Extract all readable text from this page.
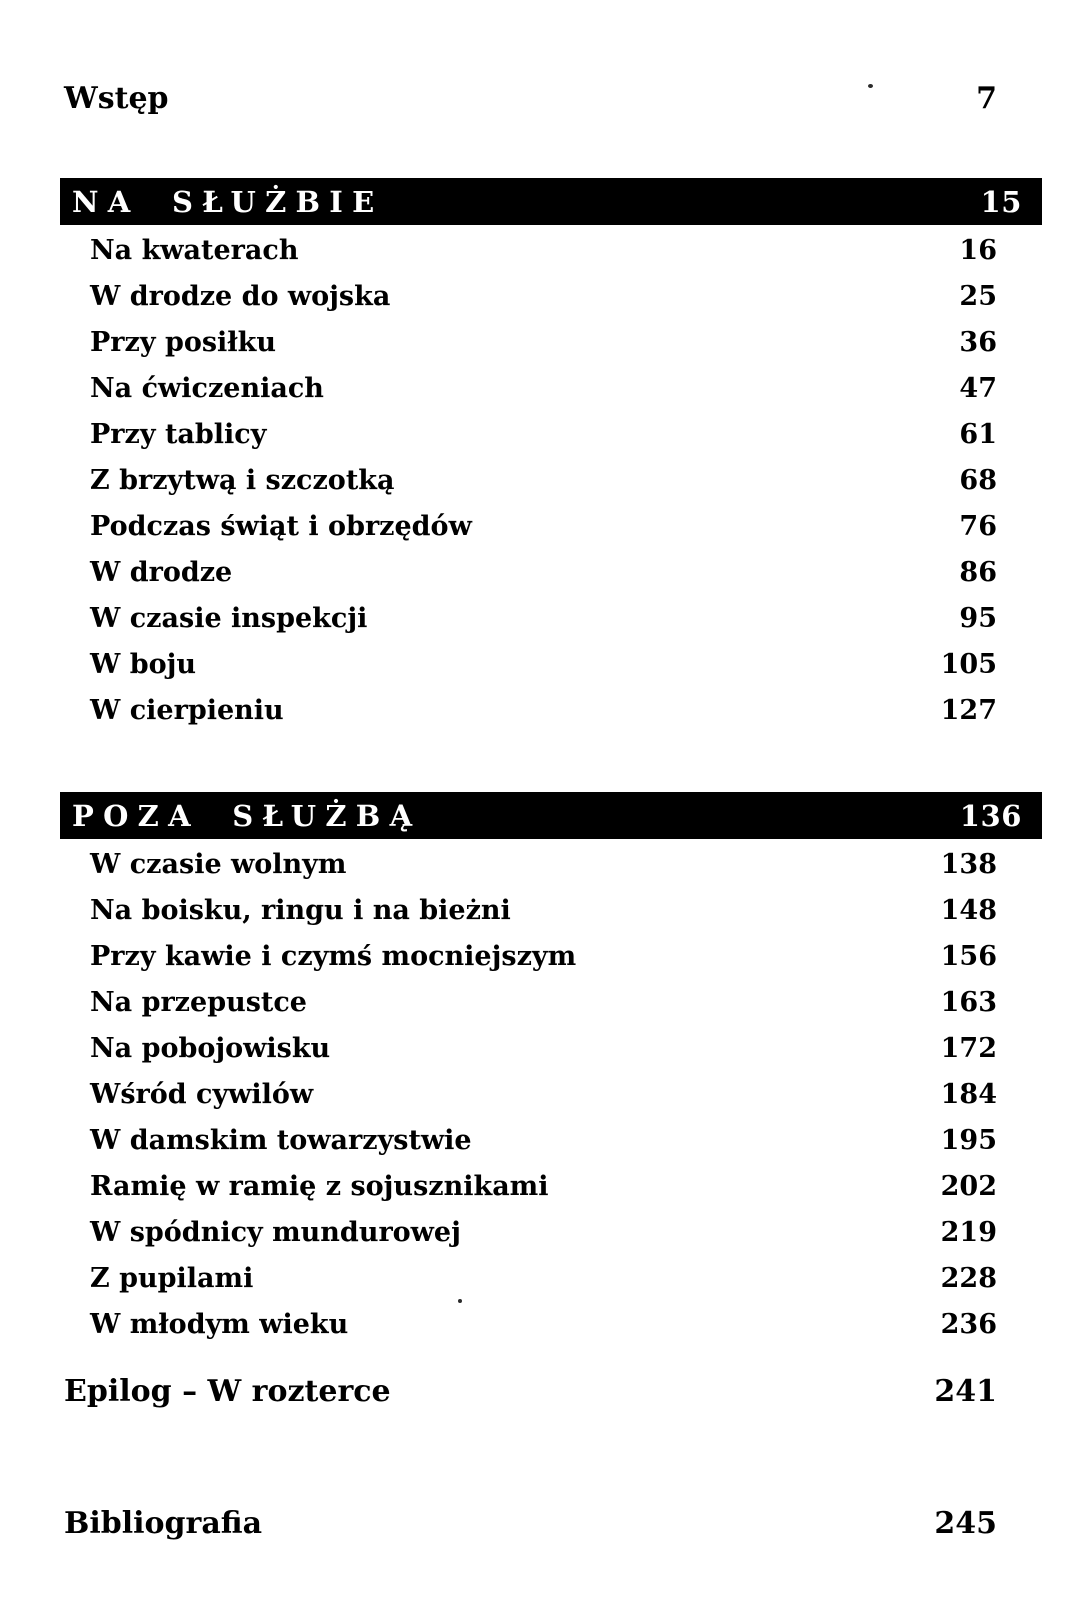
Wstęp	7
NA SŁUŻBIE	15
Na kwaterach	16
W drodze do wojska	25
Przy posiłku	36
Na ćwiczeniach	47
Przy tablicy	61
Z brzytwą i szczotką	68
Podczas świąt i obrzędów	76
W drodze	86
W czasie inspekcji	95
W boju	105
W cierpieniu	127
POZA SŁUŻBĄ	136
W czasie wolnym	138
Na boisku, ringu i na bieżni	148
Przy kawie i czymś mocniejszym	156
Na przepustce	163
Na pobojowisku	172
Wśród cywilów	184
W damskim towarzystwie	195
Ramię w ramię z sojusznikami	202
W spódnicy mundurowej	219
Z pupilami	228
W młodym wieku	236
Epilog – W rozterce	241
Bibliografia	245
